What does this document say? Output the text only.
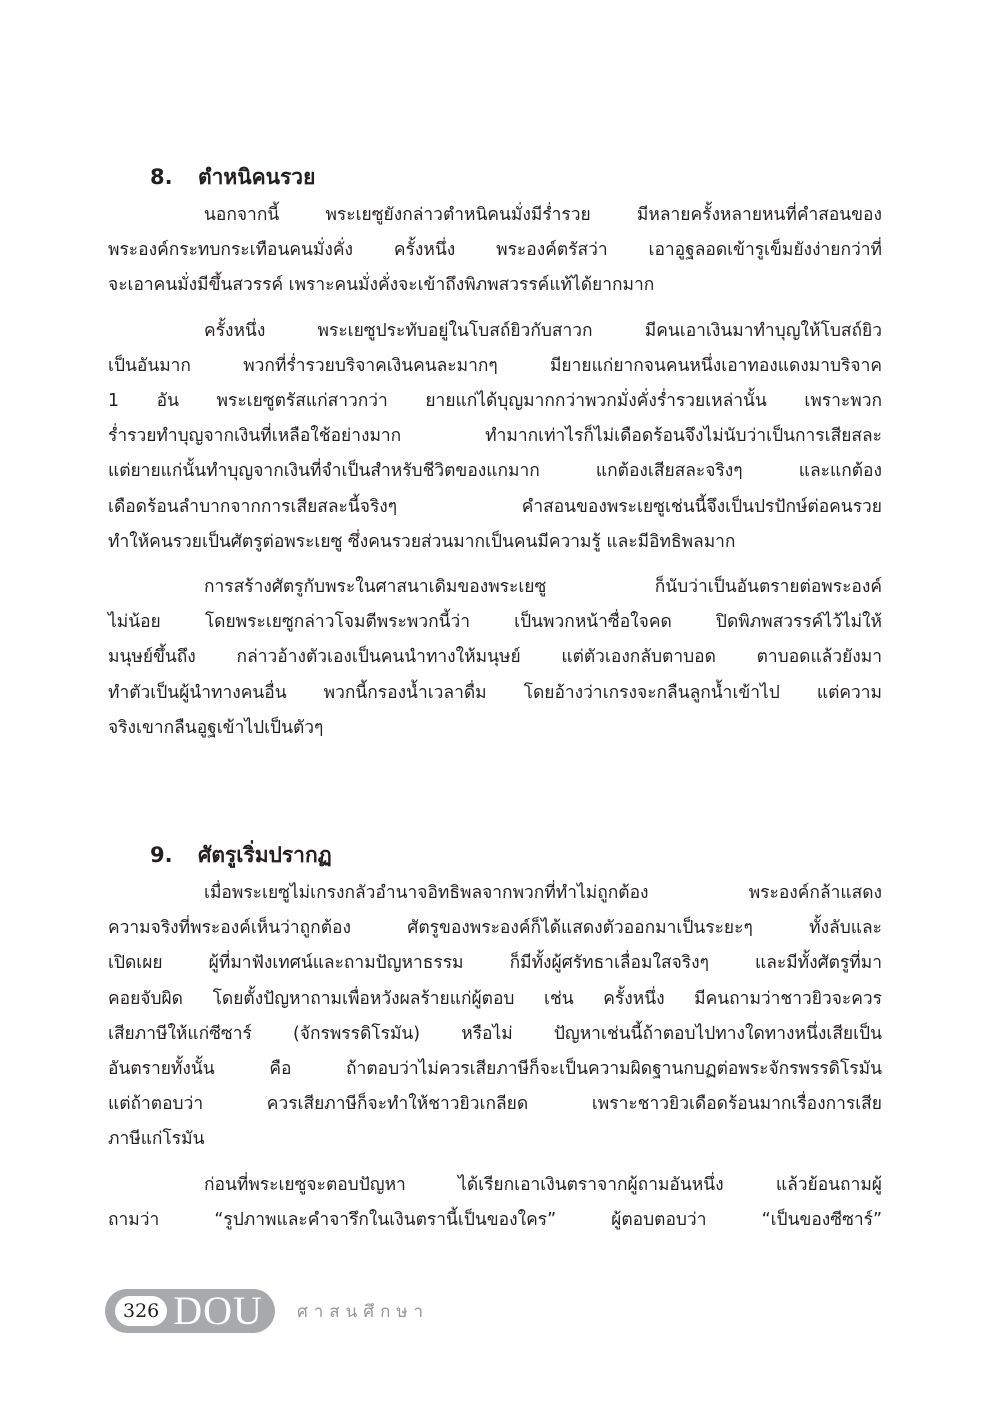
8.	ตำหนิคนรวย

นอกจากนี้ พระเยซูยังกล่าวตำหนิคนมั่งมีร่ำรวย มีหลายครั้งหลายหนที่คำสอนของ
พระองค์กระทบกระเทือนคนมั่งคั่ง ครั้งหนึ่ง พระองค์ตรัสว่า เอาอูฐลอดเข้ารูเข็มยังง่ายกว่าที่
จะเอาคนมั่งมีขึ้นสวรรค์ เพราะคนมั่งคั่งจะเข้าถึงพิภพสวรรค์แท้ได้ยากมาก

ครั้งหนึ่ง พระเยซูประทับอยู่ในโบสถ์ยิวกับสาวก มีคนเอาเงินมาทำบุญให้โบสถ์ยิว
เป็นอันมาก พวกที่ร่ำรวยบริจาคเงินคนละมากๆ มียายแก่ยากจนคนหนึ่งเอาทองแดงมาบริจาค
1 อัน พระเยซูตรัสแก่สาวกว่า ยายแก่ได้บุญมากกว่าพวกมั่งคั่งร่ำรวยเหล่านั้น เพราะพวก
ร่ำรวยทำบุญจากเงินที่เหลือใช้อย่างมาก ทำมากเท่าไรก็ไม่เดือดร้อนจึงไม่นับว่าเป็นการเสียสละ
แต่ยายแก่นั้นทำบุญจากเงินที่จำเป็นสำหรับชีวิตของแกมาก แกต้องเสียสละจริงๆ และแกต้อง
เดือดร้อนลำบากจากการเสียสละนี้จริงๆ คำสอนของพระเยซูเช่นนี้จึงเป็นปรปักษ์ต่อคนรวย
ทำให้คนรวยเป็นศัตรูต่อพระเยซู ซึ่งคนรวยส่วนมากเป็นคนมีความรู้ และมีอิทธิพลมาก

การสร้างศัตรูกับพระในศาสนาเดิมของพระเยซู ก็นับว่าเป็นอันตรายต่อพระองค์
ไม่น้อย โดยพระเยซูกล่าวโจมตีพระพวกนี้ว่า เป็นพวกหน้าซื่อใจคด ปิดพิภพสวรรค์ไว้ไม่ให้
มนุษย์ขึ้นถึง กล่าวอ้างตัวเองเป็นคนนำทางให้มนุษย์ แต่ตัวเองกลับตาบอด ตาบอดแล้วยังมา
ทำตัวเป็นผู้นำทางคนอื่น พวกนี้กรองน้ำเวลาดื่ม โดยอ้างว่าเกรงจะกลืนลูกน้ำเข้าไป แต่ความ
จริงเขากลืนอูฐเข้าไปเป็นตัวๆ

9.	ศัตรูเริ่มปรากฏ

เมื่อพระเยซูไม่เกรงกลัวอำนาจอิทธิพลจากพวกที่ทำไม่ถูกต้อง พระองค์กล้าแสดง
ความจริงที่พระองค์เห็นว่าถูกต้อง ศัตรูของพระองค์ก็ได้แสดงตัวออกมาเป็นระยะๆ ทั้งลับและ
เปิดเผย ผู้ที่มาฟังเทศน์และถามปัญหาธรรม ก็มีทั้งผู้ศรัทธาเลื่อมใสจริงๆ และมีทั้งศัตรูที่มา
คอยจับผิด โดยตั้งปัญหาถามเพื่อหวังผลร้ายแก่ผู้ตอบ เช่น ครั้งหนึ่ง มีคนถามว่าชาวยิวจะควร
เสียภาษีให้แก่ซีซาร์ (จักรพรรดิโรมัน) หรือไม่ ปัญหาเช่นนี้ถ้าตอบไปทางใดทางหนึ่งเสียเป็น
อันตรายทั้งนั้น คือ ถ้าตอบว่าไม่ควรเสียภาษีก็จะเป็นความผิดฐานกบฏต่อพระจักรพรรดิโรมัน
แต่ถ้าตอบว่า ควรเสียภาษีก็จะทำให้ชาวยิวเกลียด เพราะชาวยิวเดือดร้อนมากเรื่องการเสีย
ภาษีแก่โรมัน

ก่อนที่พระเยซูจะตอบปัญหา ได้เรียกเอาเงินตราจากผู้ถามอันหนึ่ง แล้วย้อนถามผู้
ถามว่า “รูปภาพและคำจารึกในเงินตรานี้เป็นของใคร” ผู้ตอบตอบว่า “เป็นของซีซาร์”

326 DOU ศาสนศึกษา
